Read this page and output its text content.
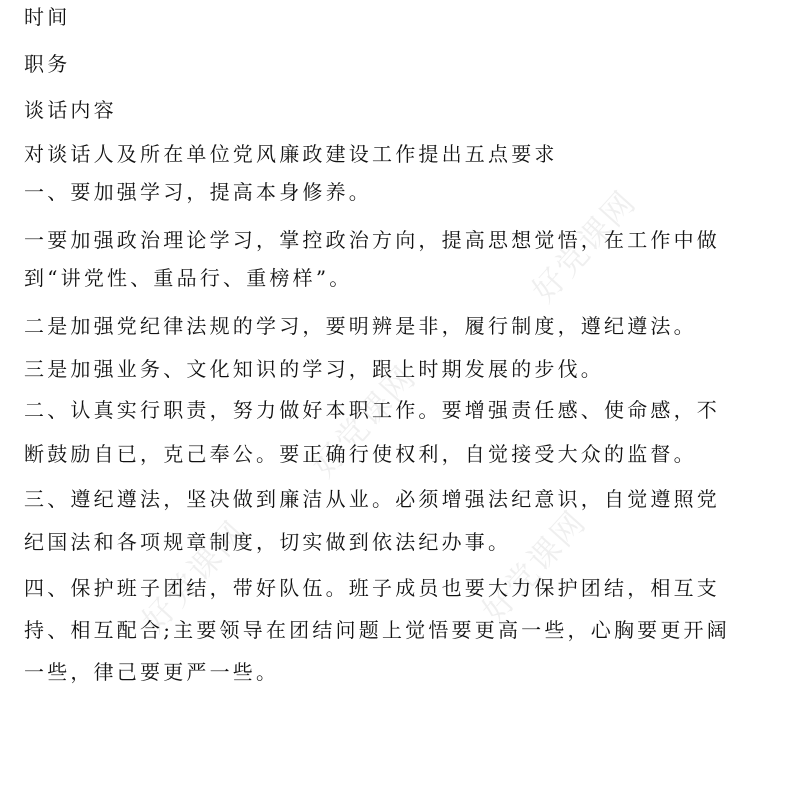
好党课网
好党课网
好党课网	好党课网
时间
职务
谈话内容
对谈话人及所在单位党风廉政建设工作提出五点要求
一、要加强学习，提高本身修养。
一要加强政治理论学习，掌控政治方向，提高思想觉悟，在工作中做
到“讲党性、重品行、重榜样”。
二是加强党纪律法规的学习，要明辨是非，履行制度，遵纪遵法。
三是加强业务、文化知识的学习，跟上时期发展的步伐。
二、认真实行职责，努力做好本职工作。要增强责任感、使命感，不
断鼓励自已，克己奉公。要正确行使权利，自觉接受大众的监督。
三、遵纪遵法，坚决做到廉洁从业。必须增强法纪意识，自觉遵照党
纪国法和各项规章制度，切实做到依法纪办事。
四、保护班子团结，带好队伍。班子成员也要大力保护团结，相互支
持、相互配合;主要领导在团结问题上觉悟要更高一些，心胸要更开阔
一些，律己要更严一些。
